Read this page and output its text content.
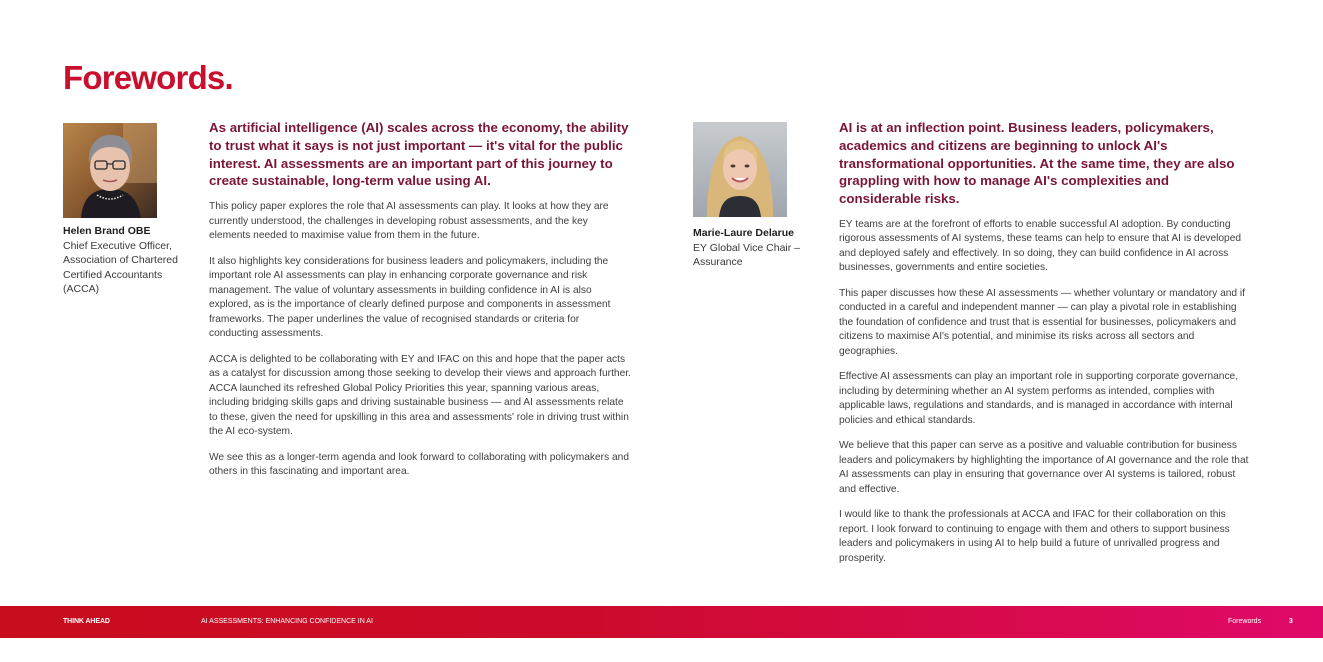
Forewords.
Helen Brand OBE
Chief Executive Officer, Association of Chartered Certified Accountants (ACCA)

As artificial intelligence (AI) scales across the economy, the ability to trust what it says is not just important — it's vital for the public interest. AI assessments are an important part of this journey to create sustainable, long-term value using AI.

This policy paper explores the role that AI assessments can play. It looks at how they are currently understood, the challenges in developing robust assessments, and the key elements needed to maximise value from them in the future.

It also highlights key considerations for business leaders and policymakers, including the important role AI assessments can play in enhancing corporate governance and risk management. The value of voluntary assessments in building confidence in AI is also explored, as is the importance of clearly defined purpose and components in assessment frameworks. The paper underlines the value of recognised standards or criteria for conducting assessments.

ACCA is delighted to be collaborating with EY and IFAC on this and hope that the paper acts as a catalyst for discussion among those seeking to develop their views and approach further. ACCA launched its refreshed Global Policy Priorities this year, spanning various areas, including bridging skills gaps and driving sustainable business — and AI assessments relate to these, given the need for upskilling in this area and assessments' role in driving trust within the AI eco-system.

We see this as a longer-term agenda and look forward to collaborating with policymakers and others in this fascinating and important area.

Marie-Laure Delarue
EY Global Vice Chair – Assurance

AI is at an inflection point. Business leaders, policymakers, academics and citizens are beginning to unlock AI's transformational opportunities. At the same time, they are also grappling with how to manage AI's complexities and considerable risks.

EY teams are at the forefront of efforts to enable successful AI adoption. By conducting rigorous assessments of AI systems, these teams can help to ensure that AI is developed and deployed safely and effectively. In so doing, they can build confidence in AI across businesses, governments and entire societies.

This paper discusses how these AI assessments — whether voluntary or mandatory and if conducted in a careful and independent manner — can play a pivotal role in establishing the foundation of confidence and trust that is essential for businesses, policymakers and citizens to maximise AI's potential, and minimise its risks across all sectors and geographies.

Effective AI assessments can play an important role in supporting corporate governance, including by determining whether an AI system performs as intended, complies with applicable laws, regulations and standards, and is managed in accordance with internal policies and ethical standards.

We believe that this paper can serve as a positive and valuable contribution for business leaders and policymakers by highlighting the importance of AI governance and the role that AI assessments can play in ensuring that governance over AI systems is tailored, robust and effective.

I would like to thank the professionals at ACCA and IFAC for their collaboration on this report. I look forward to continuing to engage with them and others to support business leaders and policymakers in using AI to help build a future of unrivalled progress and prosperity.

THINK AHEAD	AI ASSESSMENTS: ENHANCING CONFIDENCE IN AI	Forewords	3
